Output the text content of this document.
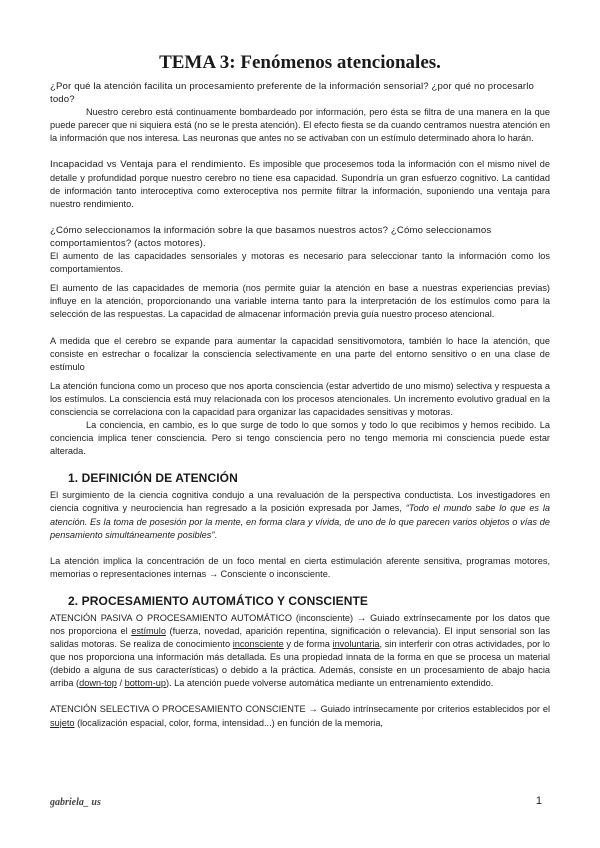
TEMA 3: Fenómenos atencionales.

¿Por qué la atención facilita un procesamiento preferente de la información sensorial? ¿por qué no procesarlo todo?

Nuestro cerebro está continuamente bombardeado por información, pero ésta se filtra de una manera en la que puede parecer que ni siquiera está (no se le presta atención). El efecto fiesta se da cuando centramos nuestra atención en la información que nos interesa. Las neuronas que antes no se activaban con un estímulo determinado ahora lo harán.

Incapacidad vs Ventaja para el rendimiento. Es imposible que procesemos toda la información con el mismo nivel de detalle y profundidad porque nuestro cerebro no tiene esa capacidad. Supondría un gran esfuerzo cognitivo. La cantidad de información tanto interoceptiva como exteroceptiva nos permite filtrar la información, suponiendo una ventaja para nuestro rendimiento.

¿Cómo seleccionamos la información sobre la que basamos nuestros actos? ¿Cómo seleccionamos comportamientos? (actos motores).

El aumento de las capacidades sensoriales y motoras es necesario para seleccionar tanto la información como los comportamientos.

El aumento de las capacidades de memoria (nos permite guiar la atención en base a nuestras experiencias previas) influye en la atención, proporcionando una variable interna tanto para la interpretación de los estímulos como para la selección de las respuestas. La capacidad de almacenar información previa guía nuestro proceso atencional.

A medida que el cerebro se expande para aumentar la capacidad sensitivomotora, también lo hace la atención, que consiste en estrechar o focalizar la consciencia selectivamente en una parte del entorno sensitivo o en una clase de estímulo

La atención funciona como un proceso que nos aporta consciencia (estar advertido de uno mismo) selectiva y respuesta a los estímulos. La consciencia está muy relacionada con los procesos atencionales. Un incremento evolutivo gradual en la consciencia se correlaciona con la capacidad para organizar las capacidades sensitivas y motoras.

La conciencia, en cambio, es lo que surge de todo lo que somos y todo lo que recibimos y hemos recibido. La conciencia implica tener consciencia. Pero si tengo consciencia pero no tengo memoria mi consciencia puede estar alterada.

1. DEFINICIÓN DE ATENCIÓN

El surgimiento de la ciencia cognitiva condujo a una revaluación de la perspectiva conductista. Los investigadores en ciencia cognitiva y neurociencia han regresado a la posición expresada por James, “Todo el mundo sabe lo que es la atención. Es la toma de posesión por la mente, en forma clara y vívida, de uno de lo que parecen varios objetos o vías de pensamiento simultáneamente posibles”.

La atención implica la concentración de un foco mental en cierta estimulación aferente sensitiva, programas motores, memorias o representaciones internas → Consciente o inconsciente.

2. PROCESAMIENTO AUTOMÁTICO Y CONSCIENTE

ATENCIÓN PASIVA O PROCESAMIENTO AUTOMÁTICO (inconsciente) → Guiado extrínsecamente por los datos que nos proporciona el estímulo (fuerza, novedad, aparición repentina, significación o relevancia). El input sensorial son las salidas motoras. Se realiza de conocimiento inconsciente y de forma involuntaria, sin interferir con otras actividades, por lo que nos proporciona una información más detallada. Es una propiedad innata de la forma en que se procesa un material (debido a alguna de sus características) o debido a la práctica. Además, consiste en un procesamiento de abajo hacia arriba (down-top / bottom-up). La atención puede volverse automática mediante un entrenamiento extendido.

ATENCIÓN SELECTIVA O PROCESAMIENTO CONSCIENTE → Guiado intrínsecamente por criterios establecidos por el sujeto (localización espacial, color, forma, intensidad...) en función de la memoria,

gabriela_ us	1
